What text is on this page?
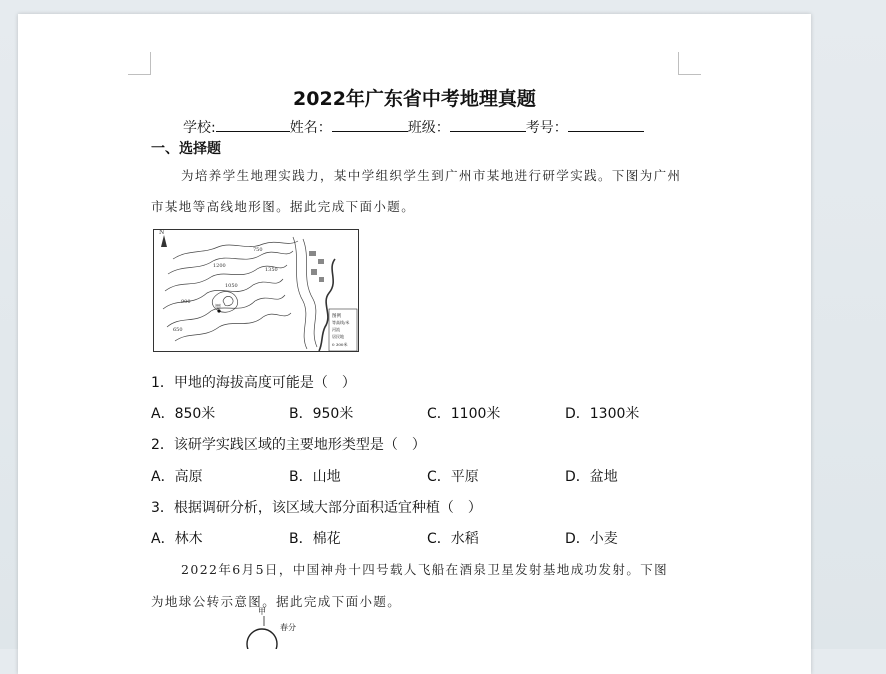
2022年广东省中考地理真题
学校:	姓名：	班级：	考号：
一、选择题
为培养学生地理实践力，某中学组织学生到广州市某地进行研学实践。下图为广州
市某地等高线地形图。据此完成下面小题。
N
650
750
900
1050
1200
1350
甲
图例
等高线/米
河流
居民地
0 300米
1．甲地的海拔高度可能是（　）
A．850米	B．950米	C．1100米	D．1300米
2．该研学实践区域的主要地形类型是（　）
A．高原	B．山地	C．平原	D．盆地
3．根据调研分析，该区域大部分面积适宜种植（　）
A．林木	B．棉花	C．水稻	D．小麦
2022年6月5日，中国神舟十四号载人飞船在酒泉卫星发射基地成功发射。下图
为地球公转示意图。据此完成下面小题。
甲
春分
